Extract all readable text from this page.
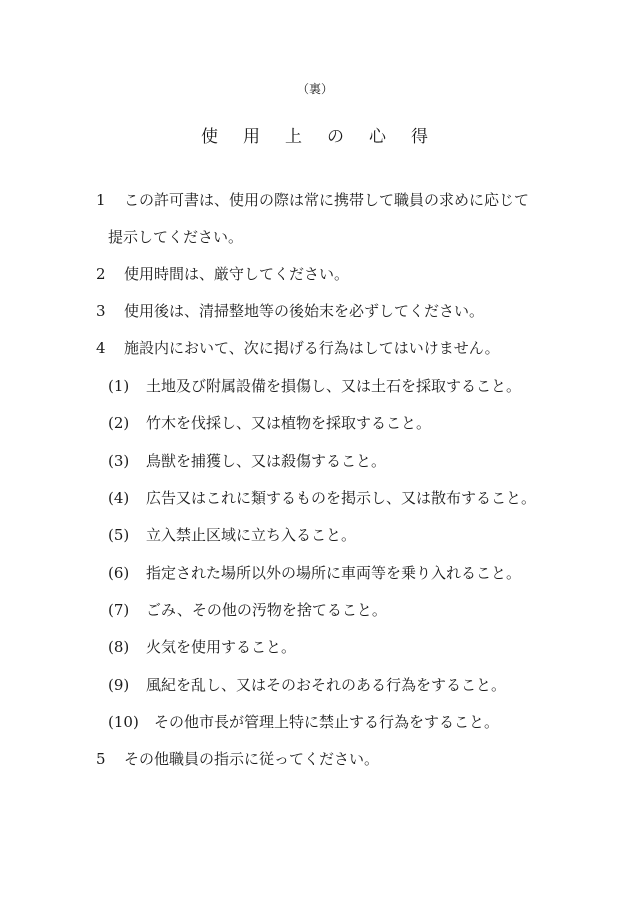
（裏）
使 用 上 の 心 得
1 この許可書は、使用の際は常に携帯して職員の求めに応じて
提示してください。
2 使用時間は、厳守してください。
3 使用後は、清掃整地等の後始末を必ずしてください。
4 施設内において、次に掲げる行為はしてはいけません。
(1) 土地及び附属設備を損傷し、又は土石を採取すること。
(2) 竹木を伐採し、又は植物を採取すること。
(3) 鳥獣を捕獲し、又は殺傷すること。
(4) 広告又はこれに類するものを掲示し、又は散布すること。
(5) 立入禁止区域に立ち入ること。
(6) 指定された場所以外の場所に車両等を乗り入れること。
(7) ごみ、その他の汚物を捨てること。
(8) 火気を使用すること。
(9) 風紀を乱し、又はそのおそれのある行為をすること。
(10) その他市長が管理上特に禁止する行為をすること。
5 その他職員の指示に従ってください。
